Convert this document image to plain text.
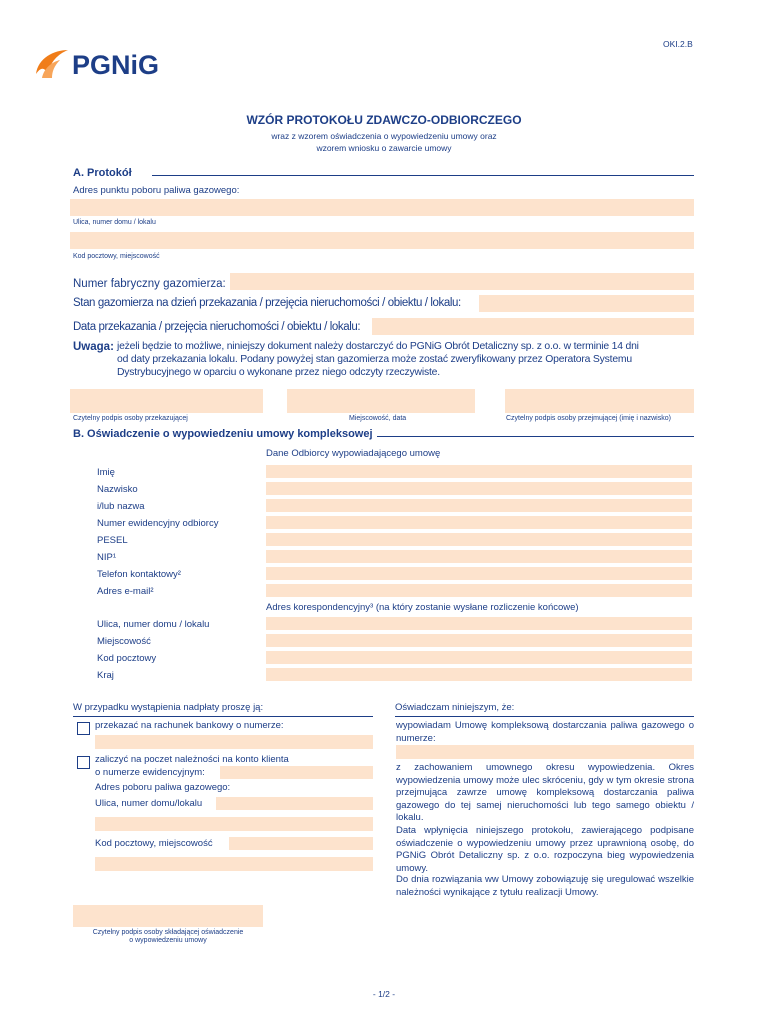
PGNiG
OKI.2.B
WZÓR PROTOKOŁU ZDAWCZO-ODBIORCZEGO
wraz z wzorem oświadczenia o wypowiedzeniu umowy oraz
wzorem wniosku o zawarcie umowy
A. Protokół
Adres punktu poboru paliwa gazowego:
Ulica, numer domu / lokalu
Kod pocztowy, miejscowość
Numer fabryczny gazomierza:
Stan gazomierza na dzień przekazania / przejęcia nieruchomości / obiektu / lokalu:
Data przekazania / przejęcia nieruchomości / obiektu / lokalu:
Uwaga: jeżeli będzie to możliwe, niniejszy dokument należy dostarczyć do PGNiG Obrót Detaliczny sp. z o.o. w terminie 14 dni
od daty przekazania lokalu. Podany powyżej stan gazomierza może zostać zweryfikowany przez Operatora Systemu
Dystrybucyjnego w oparciu o wykonane przez niego odczyty rzeczywiste.
Czytelny podpis osoby przekazującej	Miejscowość, data	Czytelny podpis osoby przejmującej (imię i nazwisko)
B. Oświadczenie o wypowiedzeniu umowy kompleksowej
Dane Odbiorcy wypowiadającego umowę
Imię
Nazwisko
i/lub nazwa
Numer ewidencyjny odbiorcy
PESEL
NIP¹
Telefon kontaktowy²
Adres e-mail²
Adres korespondencyjny³ (na który zostanie wysłane rozliczenie końcowe)
Ulica, numer domu / lokalu
Miejscowość
Kod pocztowy
Kraj
W przypadku wystąpienia nadpłaty proszę ją:
przekazać na rachunek bankowy o numerze:
zaliczyć na poczet należności na konto klienta
o numerze ewidencyjnym:
Adres poboru paliwa gazowego:
Ulica, numer domu/lokalu
Kod pocztowy, miejscowość
Czytelny podpis osoby składającej oświadczenie
o wypowiedzeniu umowy
Oświadczam niniejszym, że:
wypowiadam Umowę kompleksową dostarczania paliwa gazowego o numerze:
z zachowaniem umownego okresu wypowiedzenia. Okres wypowiedzenia umowy może ulec skróceniu, gdy w tym okresie strona przejmująca zawrze umowę kompleksową dostarczania paliwa gazowego do tej samej nieruchomości lub tego samego obiektu / lokalu.
Data wpłynięcia niniejszego protokołu, zawierającego podpisane oświadczenie o wypowiedzeniu umowy przez uprawnioną osobę, do PGNiG Obrót Detaliczny sp. z o.o. rozpoczyna bieg wypowiedzenia umowy.
Do dnia rozwiązania ww Umowy zobowiązuję się uregulować wszelkie należności wynikające z tytułu realizacji Umowy.
- 1/2 -
